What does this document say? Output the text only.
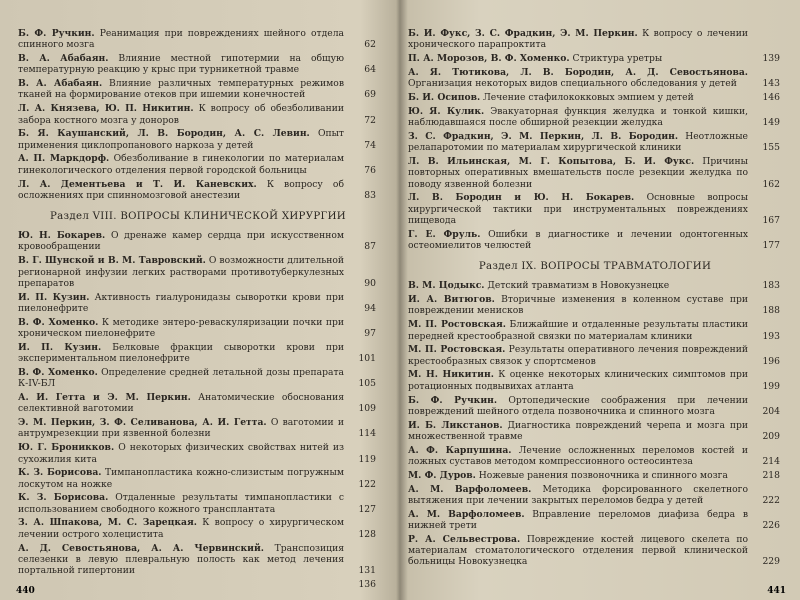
Б. Ф. Ручкин. Реанимация при повреждениях шейного отдела спинного мозга	62
В. А. Абабаян. Влияние местной гипотермии на общую температурную реакцию у крыс при турникетной травме	64
В. А. Абабаян. Влияние различных температурных режимов тканей на формирование отеков при ишемии конечностей	69
Л. А. Князева, Ю. П. Никитин. К вопросу об обезболивании забора костного мозга у доноров	72
Б. Я. Каушанский, Л. В. Бородин, А. С. Левин. Опыт применения циклопропанового наркоза у детей	74
А. П. Маркдорф. Обезболивание в гинекологии по материалам гинекологического отделения первой городской больницы	76
Л. А. Дементьева и Т. И. Каневских. К вопросу об осложнениях при спинномозговой анестезии	83
Раздел VIII. ВОПРОСЫ КЛИНИЧЕСКОЙ ХИРУРГИИ
Ю. Н. Бокарев. О дренаже камер сердца при искусственном кровообращении	87
В. Г. Шунской и В. М. Тавровский. О возможности длительной регионарной инфузии легких растворами противотуберкулезных препаратов	90
И. П. Кузин. Активность гиалуронидазы сыворотки крови при пиелонефрите	94
В. Ф. Хоменко. К методике энтеро-реваскуляризации почки при хроническом пиелонефрите	97
И. П. Кузин. Белковые фракции сыворотки крови при экспериментальном пиелонефрите	101
В. Ф. Хоменко. Определение средней летальной дозы препарата К-IV-БЛ	105
А. И. Гетта и Э. М. Перкин. Анатомические обоснования селективной ваготомии	109
Э. М. Перкин, З. Ф. Селиванова, А. И. Гетта. О ваготомии и антрумрезекции при язвенной болезни	114
Ю. Г. Броникков. О некоторых физических свойствах нитей из сухожилия кита	119
К. З. Борисова. Тимпанопластика кожно-слизистым погружным лоскутом на ножке	122
К. З. Борисова. Отдаленные результаты тимпанопластики с использованием свободного кожного трансплантата	127
З. А. Шпакова, М. С. Зарецкая. К вопросу о хирургическом лечении острого холецистита	128
А. Д. Севостьянова, А. А. Червинский. Транспозиция селезенки в левую плевральную полость как метод лечения портальной гипертонии	131
136
440
Б. И. Фукс, З. С. Фрадкин, Э. М. Перкин. К вопросу о лечении хронического парапроктита
П. А. Морозов, В. Ф. Хоменко. Стриктура уретры	139
А. Я. Тютикова, Л. В. Бородин, А. Д. Севостьянова. Организация некоторых видов специального обследования у детей	143
Б. И. Осипов. Лечение стафилококковых эмпием у детей	146
Ю. Я. Кулик. Эвакуаторная функция желудка и тонкой кишки, наблюдавшаяся после обширной резекции желудка	149
З. С. Фрадкин, Э. М. Перкин, Л. В. Бородин. Неотложные релапаротомии по материалам хирургической клиники	155
Л. В. Ильинская, М. Г. Копытова, Б. И. Фукс. Причины повторных оперативных вмешательств после резекции желудка по поводу язвенной болезни	162
Л. В. Бородин и Ю. Н. Бокарев. Основные вопросы хирургической тактики при инструментальных повреждениях пищевода	167
Г. Е. Фруль. Ошибки в диагностике и лечении одонтогенных остеомиелитов челюстей	177
Раздел IX. ВОПРОСЫ ТРАВМАТОЛОГИИ
В. М. Цодыкс. Детский травматизм в Новокузнецке	183
И. А. Витюгов. Вторичные изменения в коленном суставе при повреждении менисков	188
М. П. Ростовская. Ближайшие и отдаленные результаты пластики передней крестообразной связки по материалам клиники	193
М. П. Ростовская. Результаты оперативного лечения повреждений крестообразных связок у спортсменов	196
М. Н. Никитин. К оценке некоторых клинических симптомов при ротационных подвывихах атланта	199
Б. Ф. Ручкин. Ортопедические соображения при лечении повреждений шейного отдела позвоночника и спинного мозга	204
И. Б. Ликстанов. Диагностика повреждений черепа и мозга при множественной травме	209
А. Ф. Карпушина. Лечение осложненных переломов костей и ложных суставов методом компрессионного остеосинтеза	214
М. Ф. Дуров. Ножевые ранения позвоночника и спинного мозга	218
А. М. Варфоломеев. Методика форсированного скелетного вытяжения при лечении закрытых переломов бедра у детей	222
А. М. Варфоломеев. Вправление переломов диафиза бедра в нижней трети	226
Р. А. Сельвестрова. Повреждение костей лицевого скелета по материалам стоматологического отделения первой клинической больницы Новокузнецка	229
441
